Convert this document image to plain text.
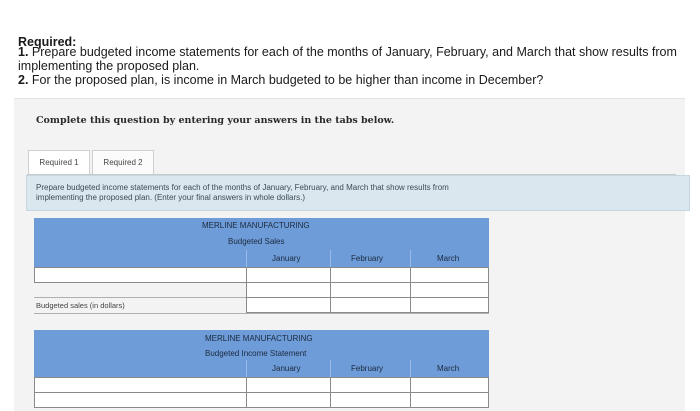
Required:
1. Prepare budgeted income statements for each of the months of January, February, and March that show results from
implementing the proposed plan.
2. For the proposed plan, is income in March budgeted to be higher than income in December?
Complete this question by entering your answers in the tabs below.
Required 1	Required 2
Prepare budgeted income statements for each of the months of January, February, and March that show results from
implementing the proposed plan. (Enter your final answers in whole dollars.)
MERLINE MANUFACTURING
Budgeted Sales
January	February	March
Budgeted sales (in dollars)
MERLINE MANUFACTURING
Budgeted Income Statement
January	February	March
